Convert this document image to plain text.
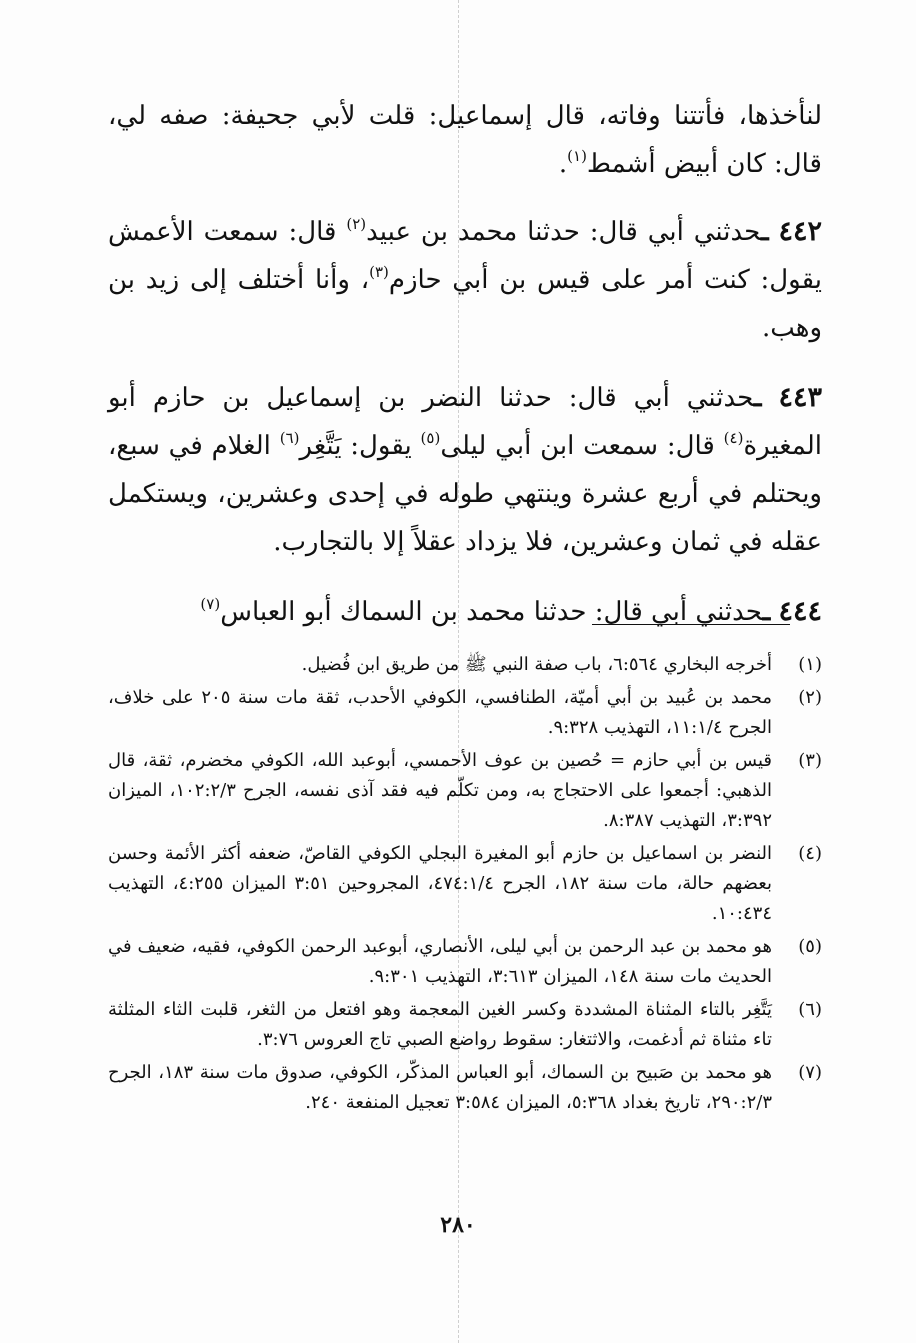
لنأخذها، فأتتنا وفاته، قال إسماعيل: قلت لأبي جحيفة: صفه لي، قال: كان أبيض أشمط$^{(١)}$.

٤٤٢ ـحدثني أبي قال: حدثنا محمد بن عبيد$^{(٢)}$ قال: سمعت الأعمش يقول: كنت أمر على قيس بن أبي حازم$^{(٣)}$، وأنا أختلف إلى زيد بن وهب.

٤٤٣ ـحدثني أبي قال: حدثنا النضر بن إسماعيل بن حازم أبو المغيرة$^{(٤)}$ قال: سمعت ابن أبي ليلى$^{(٥)}$ يقول: يَتَّغِر$^{(٦)}$ الغلام في سبع، ويحتلم في أربع عشرة وينتهي طوله في إحدى وعشرين، ويستكمل عقله في ثمان وعشرين، فلا يزداد عقلاً إلا بالتجارب.

٤٤٤ ـحدثني أبي قال: حدثنا محمد بن السماك أبو العباس$^{(٧)}$

(١)
أخرجه البخاري ٦:٥٦٤، باب صفة النبي ﷺ من طريق ابن فُضيل.
(٢)
محمد بن عُبيد بن أبي أميّة، الطنافسي، الكوفي الأحدب، ثقة مات سنة ٢٠٥ على خلاف، الجرح ١١:١/٤، التهذيب ٩:٣٢٨.
(٣)
قيس بن أبي حازم = حُصين بن عوف الأحمسي، أبوعبد الله، الكوفي مخضرم، ثقة، قال الذهبي: أجمعوا على الاحتجاج به، ومن تكلّم فيه فقد آذى نفسه، الجرح ١٠٢:٢/٣، الميزان ٣:٣٩٢، التهذيب ٨:٣٨٧.
(٤)
النضر بن اسماعيل بن حازم أبو المغيرة البجلي الكوفي القاصّ، ضعفه أكثر الأئمة وحسن بعضهم حالة، مات سنة ١٨٢، الجرح ٤٧٤:١/٤، المجروحين ٣:٥١ الميزان ٤:٢٥٥، التهذيب ١٠:٤٣٤.
(٥)
هو محمد بن عبد الرحمن بن أبي ليلى، الأنصاري، أبوعبد الرحمن الكوفي، فقيه، ضعيف في الحديث مات سنة ١٤٨، الميزان ٣:٦١٣، التهذيب ٩:٣٠١.
(٦)
يَتَّغِر بالتاء المثناة المشددة وكسر الغين المعجمة وهو افتعل من الثغر، قلبت الثاء المثلثة تاء مثناة ثم أدغمت، والاثتغار: سقوط رواضع الصبي تاج العروس ٣:٧٦.
(٧)
هو محمد بن صَبيح بن السماك، أبو العباس المذكّر، الكوفي، صدوق مات سنة ١٨٣، الجرح ٢٩٠:٢/٣، تاريخ بغداد ٥:٣٦٨، الميزان ٣:٥٨٤ تعجيل المنفعة ٢٤٠.
٢٨٠
